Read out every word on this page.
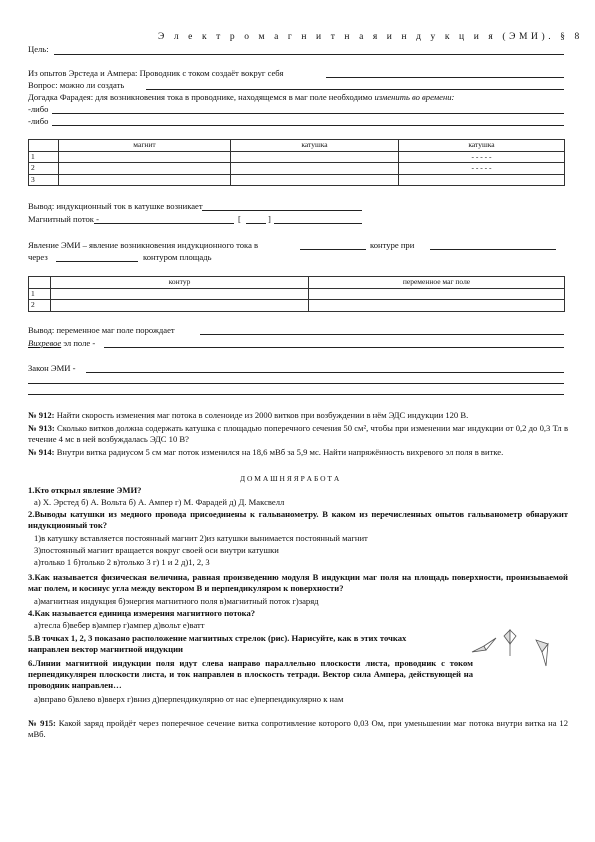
Э л е к т р о м а г н и т н а я и н д у к ц и я (ЭМИ). § 8
Цель:
Из опытов Эрстеда и Ампера: Проводник с током создаёт вокруг себя
Вопрос: можно ли создать
Догадка Фарадея: для возникновения тока в проводнике, находящемся в маг поле необходимо изменить во времени:
-либо
-либо
	магнит	катушка	катушка
1			- - - - -
2			- - - - -
3			
Вывод: индукционный ток в катушке возникает
Магнитный поток -	[	]
Явление ЭМИ – явление возникновения индукционного тока в	контуре при
через	контуром площадь
	контур	переменное маг поле
1		
2		
Вывод: переменное маг поле порождает
Вихревое эл поле -
Закон ЭМИ -
№ 912: Найти скорость изменения маг потока в соленоиде из 2000 витков при возбуждении в нём ЭДС индукции 120 В.
№ 913: Сколько витков должна содержать катушка с площадью поперечного сечения 50 см², чтобы при изменении маг индукции от 0,2 до 0,3 Тл в течение 4 мс в ней возбуждалась ЭДС 10 В?
№ 914: Внутри витка радиусом 5 см маг поток изменился на 18,6 мВб за 5,9 мс. Найти напряжённость вихревого эл поля в витке.
Д О М А Ш Н Я Я Р А Б О Т А
1.Кто открыл явление ЭМИ?
а) Х. Эрстед б) А. Вольта б) А. Ампер г) М. Фарадей д) Д. Максвелл
2.Выводы катушки из медного провода присоединены к гальванометру. В каком из перечисленных опытов гальванометр обнаружит индукционный ток?
1)в катушку вставляется постоянный магнит 2)из катушки вынимается постоянный магнит
3)постоянный магнит вращается вокруг своей оси внутри катушки
а)только 1 б)только 2 в)только 3 г) 1 и 2 д)1, 2, 3
3.Как называется физическая величина, равная произведению модуля В индукции маг поля на площадь поверхности, пронизываемой маг полем, и косинус угла между вектором В и перпендикуляром к поверхности?
а)магнитная индукция б)энергия магнитного поля в)магнитный поток г)заряд
4.Как называется единица измерения магнитного потока?
а)тесла б)вебер в)ампер г)ампер д)вольт е)ватт
5.В точках 1, 2, 3 показано расположение магнитных стрелок (рис). Нарисуйте, как в этих точках направлен вектор магнитной индукции
6.Линии магнитной индукции поля идут слева направо параллельно плоскости листа, проводник с током перпендикулярен плоскости листа, и ток направлен в плоскость тетради. Вектор сила Ампера, действующей на проводник направлен…
а)вправо б)влево в)вверх г)вниз д)перпендикулярно от нас е)перпендикулярно к нам
№ 915: Какой заряд пройдёт через поперечное сечение витка сопротивление которого 0,03 Ом, при уменьшении маг потока внутри витка на 12 мВб.
